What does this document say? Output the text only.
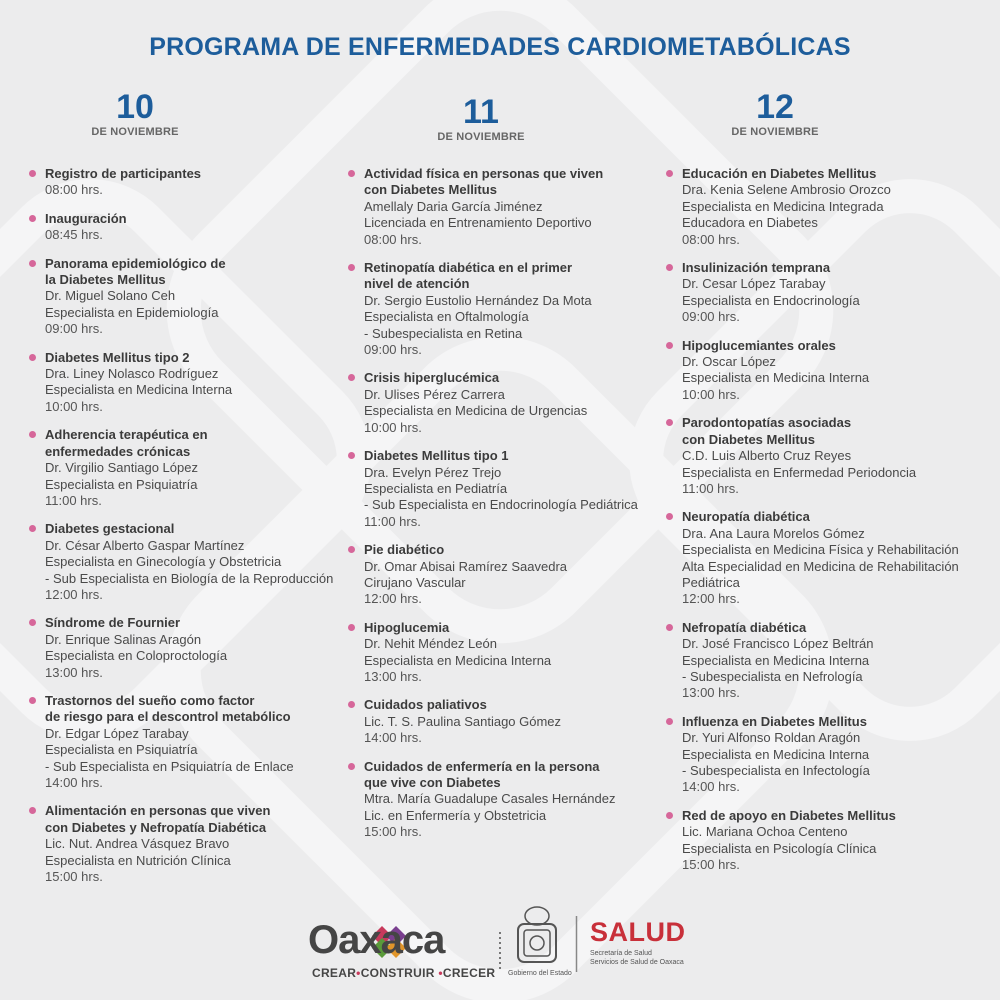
PROGRAMA DE ENFERMEDADES CARDIOMETABÓLICAS
10
DE NOVIEMBRE
11
DE NOVIEMBRE
12
DE NOVIEMBRE
Registro de participantes
08:00 hrs.
Inauguración
08:45 hrs.
Panorama epidemiológico de
la Diabetes Mellitus
Dr. Miguel Solano Ceh
Especialista en Epidemiología
09:00 hrs.
Diabetes Mellitus tipo 2
Dra. Liney Nolasco Rodríguez
Especialista en Medicina Interna
10:00 hrs.
Adherencia terapéutica en
enfermedades crónicas
Dr. Virgilio Santiago López
Especialista en Psiquiatría
11:00 hrs.
Diabetes gestacional
Dr. César Alberto Gaspar Martínez
Especialista en Ginecología y Obstetricia
- Sub Especialista en Biología de la Reproducción
12:00 hrs.
Síndrome de Fournier
Dr. Enrique Salinas Aragón
Especialista en Coloproctología
13:00 hrs.
Trastornos del sueño como factor
de riesgo para el descontrol metabólico
Dr. Edgar López Tarabay
Especialista en Psiquiatría
- Sub Especialista en Psiquiatría de Enlace
14:00 hrs.
Alimentación en personas que viven
con Diabetes y Nefropatía Diabética
Lic. Nut. Andrea Vásquez Bravo
Especialista en Nutrición Clínica
15:00 hrs.
Actividad física en personas que viven
con Diabetes Mellitus
Amellaly Daria García Jiménez
Licenciada en Entrenamiento Deportivo
08:00 hrs.
Retinopatía diabética en el primer
nivel de atención
Dr. Sergio Eustolio Hernández Da Mota
Especialista en Oftalmología
- Subespecialista en Retina
09:00 hrs.
Crisis hiperglucémica
Dr. Ulises Pérez Carrera
Especialista en Medicina de Urgencias
10:00 hrs.
Diabetes Mellitus tipo 1
Dra. Evelyn Pérez Trejo
Especialista en Pediatría
- Sub Especialista en Endocrinología Pediátrica
11:00 hrs.
Pie diabético
Dr. Omar Abisai Ramírez Saavedra
Cirujano Vascular
12:00 hrs.
Hipoglucemia
Dr. Nehit Méndez León
Especialista en Medicina Interna
13:00 hrs.
Cuidados paliativos
Lic. T. S. Paulina Santiago Gómez
14:00 hrs.
Cuidados de enfermería en la persona
que vive con Diabetes
Mtra. María Guadalupe Casales Hernández
Lic. en Enfermería y Obstetricia
15:00 hrs.
Educación en Diabetes Mellitus
Dra. Kenia Selene Ambrosio Orozco
Especialista en Medicina Integrada
Educadora en Diabetes
08:00 hrs.
Insulinización temprana
Dr. Cesar López Tarabay
Especialista en Endocrinología
09:00 hrs.
Hipoglucemiantes orales
Dr. Oscar López
Especialista en Medicina Interna
10:00 hrs.
Parodontopatías asociadas
con Diabetes Mellitus
C.D. Luis Alberto Cruz Reyes
Especialista en Enfermedad Periodoncia
11:00 hrs.
Neuropatía diabética
Dra. Ana Laura Morelos Gómez
Especialista en Medicina Física y Rehabilitación
Alta Especialidad en Medicina de Rehabilitación
Pediátrica
12:00 hrs.
Nefropatía diabética
Dr. José Francisco López Beltrán
Especialista en Medicina Interna
- Subespecialista en Nefrología
13:00 hrs.
Influenza en Diabetes Mellitus
Dr. Yuri Alfonso Roldan Aragón
Especialista en Medicina Interna
- Subespecialista en Infectología
14:00 hrs.
Red de apoyo en Diabetes Mellitus
Lic. Mariana Ochoa Centeno
Especialista en Psicología Clínica
15:00 hrs.
Oaxaca
CREAR•CONSTRUIR •CRECER Gobierno del Estado
SALUD
Secretaría de Salud
Servicios de Salud de Oaxaca
